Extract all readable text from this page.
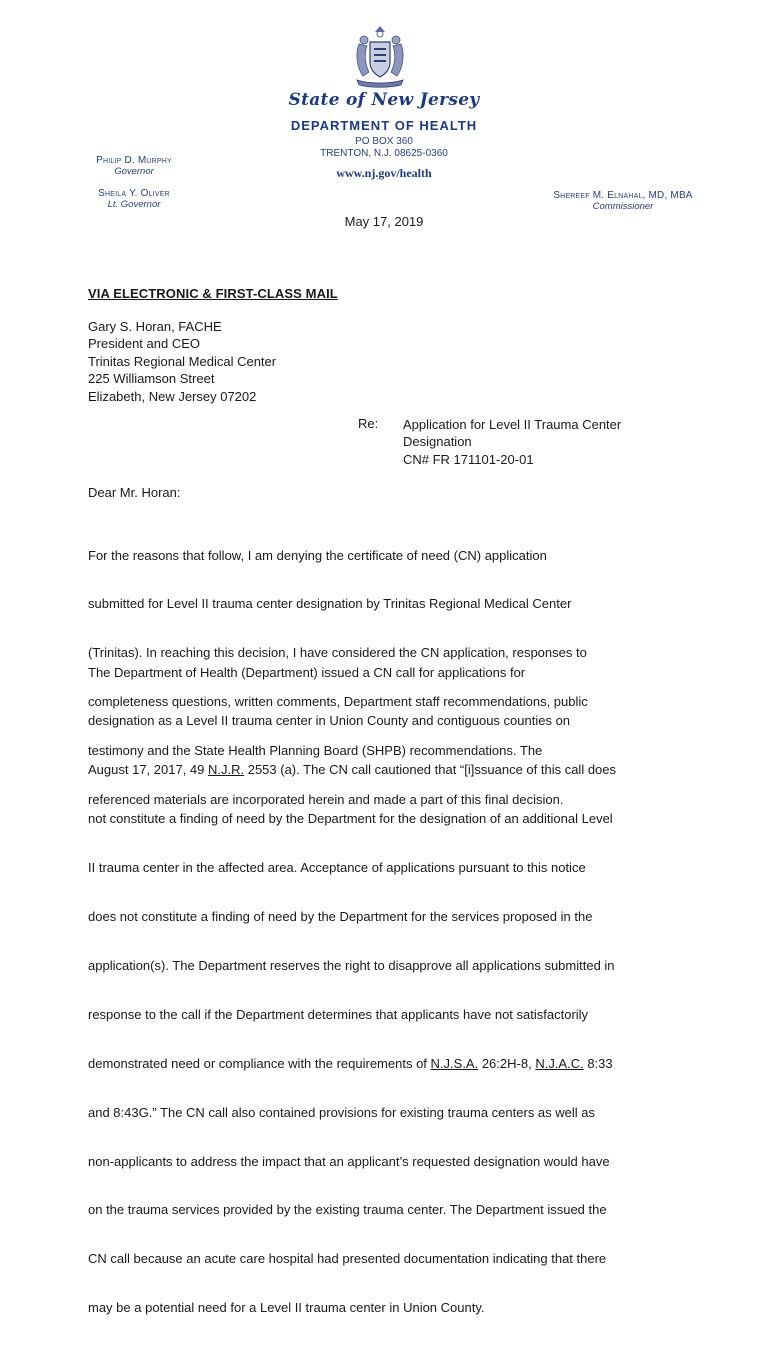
State of New Jersey
DEPARTMENT OF HEALTH
PO BOX 360
TRENTON, N.J. 08625-0360
www.nj.gov/health
Philip D. Murphy
Governor
Sheila Y. Oliver
Lt. Governor
Shereef M. Elnahal, MD, MBA
Commissioner
May 17, 2019
VIA ELECTRONIC & FIRST-CLASS MAIL
Gary S. Horan, FACHE
President and CEO
Trinitas Regional Medical Center
225 Williamson Street
Elizabeth, New Jersey 07202
Re: Application for Level II Trauma Center
Designation
CN# FR 171101-20-01
Dear Mr. Horan:

For the reasons that follow, I am denying the certificate of need (CN) application

submitted for Level II trauma center designation by Trinitas Regional Medical Center

(Trinitas). In reaching this decision, I have considered the CN application, responses to

completeness questions, written comments, Department staff recommendations, public

testimony and the State Health Planning Board (SHPB) recommendations. The

referenced materials are incorporated herein and made a part of this final decision.

The Department of Health (Department) issued a CN call for applications for

designation as a Level II trauma center in Union County and contiguous counties on

August 17, 2017, 49 N.J.R. 2553 (a). The CN call cautioned that “[i]ssuance of this call does

not constitute a finding of need by the Department for the designation of an additional Level

II trauma center in the affected area. Acceptance of applications pursuant to this notice

does not constitute a finding of need by the Department for the services proposed in the

application(s). The Department reserves the right to disapprove all applications submitted in

response to the call if the Department determines that applicants have not satisfactorily

demonstrated need or compliance with the requirements of N.J.S.A. 26:2H-8, N.J.A.C. 8:33

and 8:43G.” The CN call also contained provisions for existing trauma centers as well as

non-applicants to address the impact that an applicant’s requested designation would have

on the trauma services provided by the existing trauma center. The Department issued the

CN call because an acute care hospital had presented documentation indicating that there

may be a potential need for a Level II trauma center in Union County.
